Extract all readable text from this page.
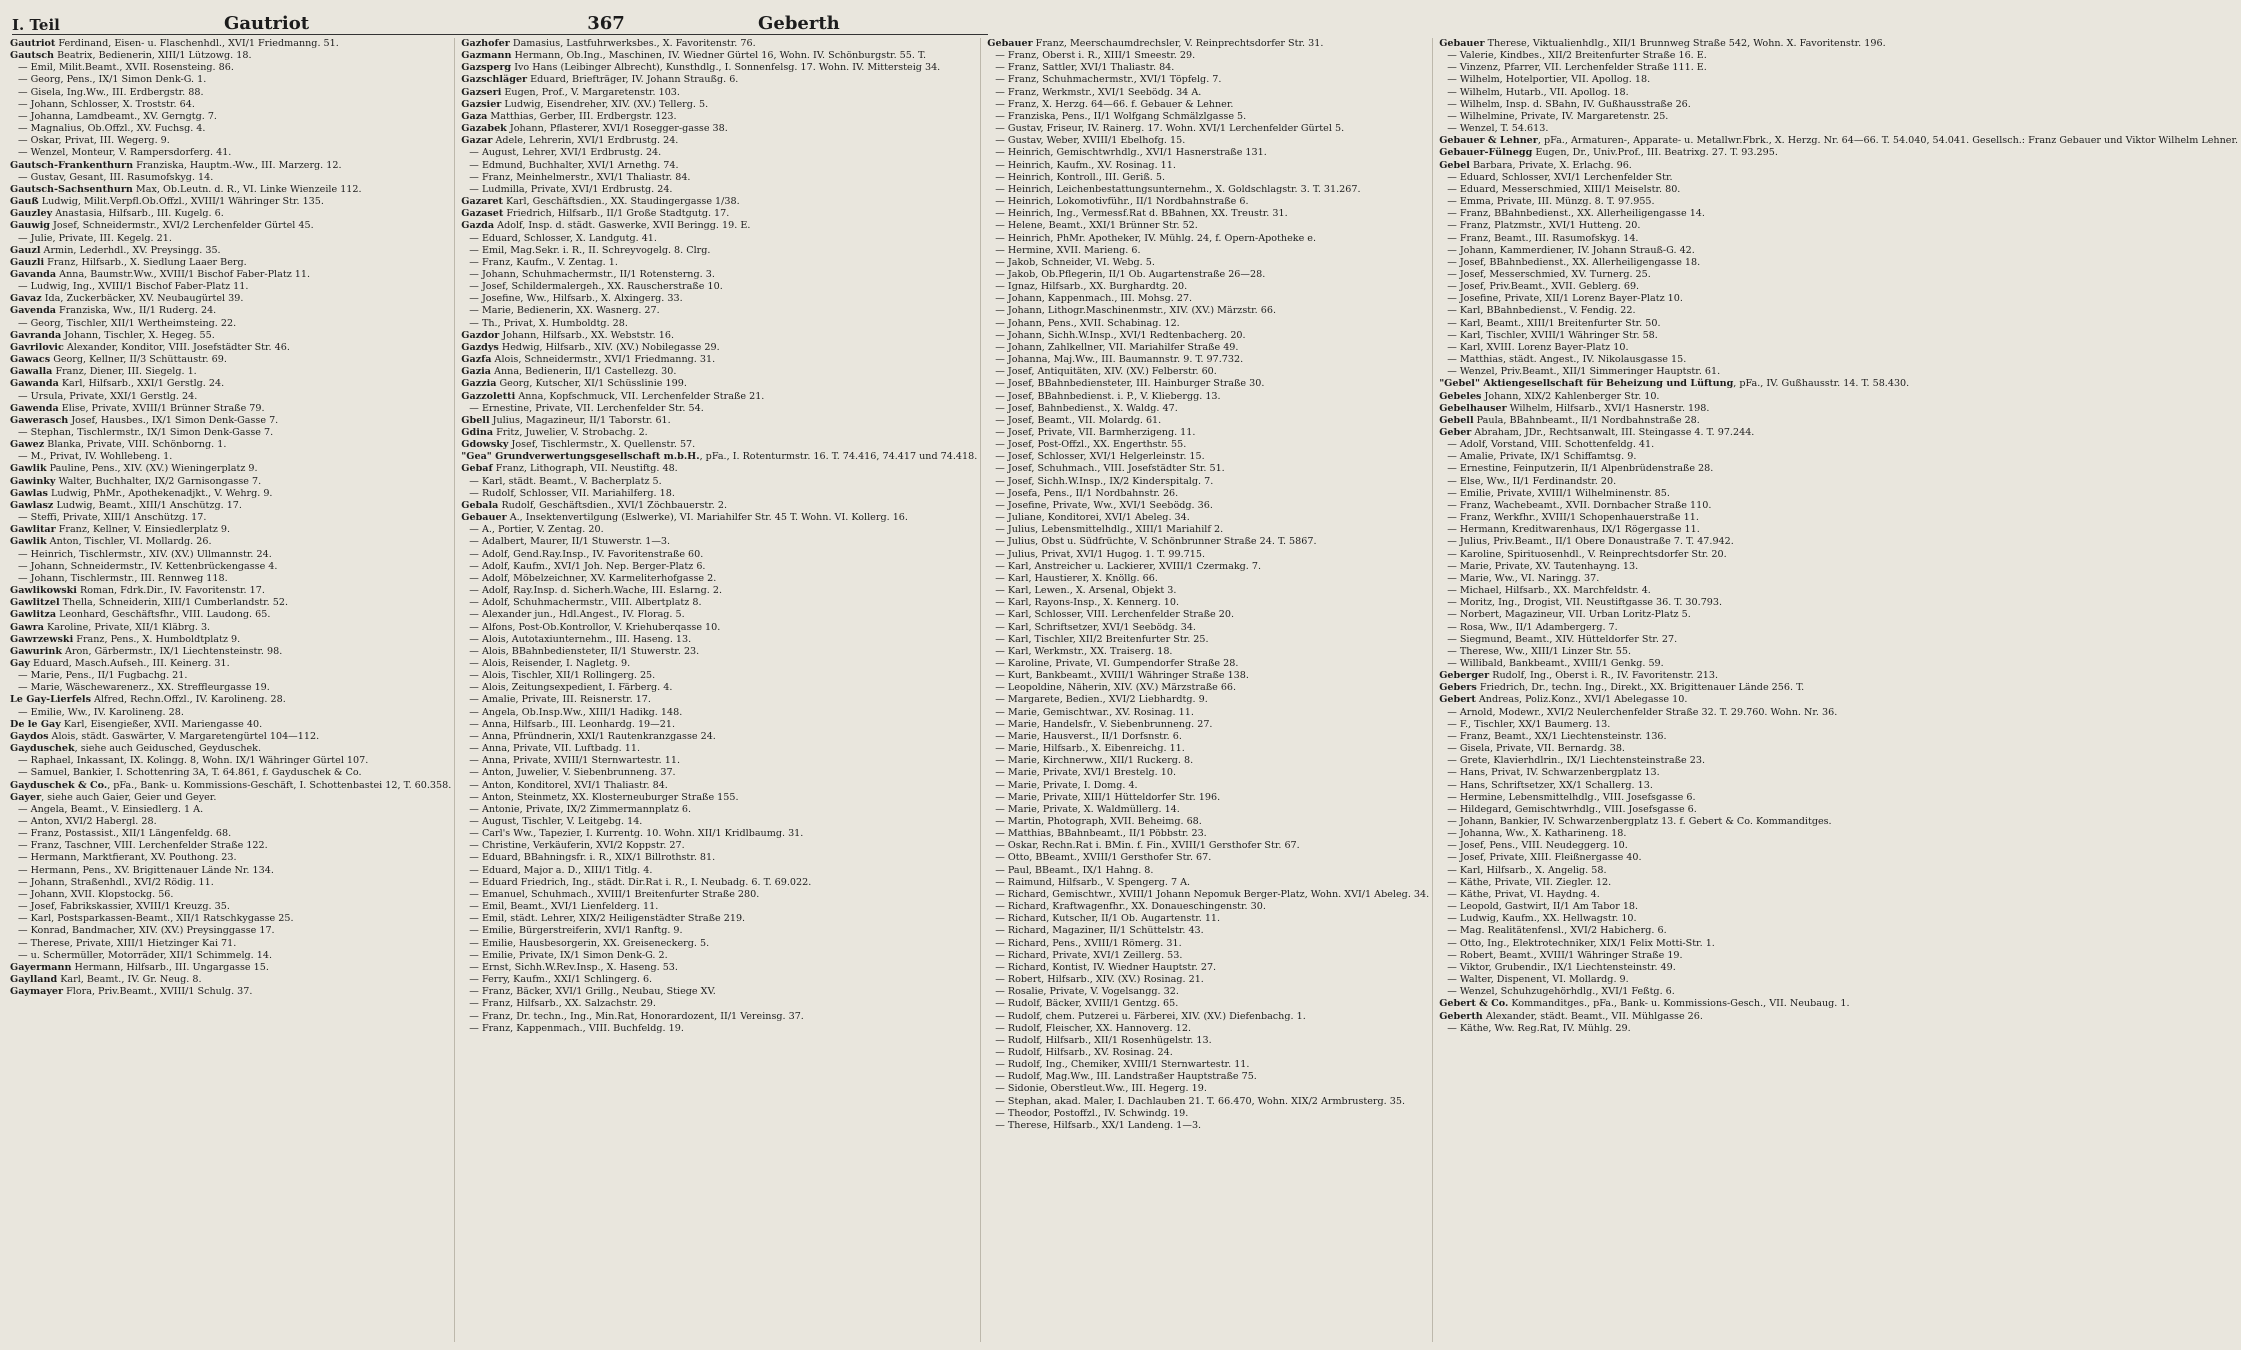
I. Teil	Gautriot	367	Geberth
Gautriot Ferdinand, Eisen- u. Flaschenhdl., XVI/1 Friedmanng. 51.
Gautsch Beatrix, Bedienerin, XIII/1 Lützowg. 18.
— Emil, Milit.Beamt., XVII. Rosensteing. 86.
— Georg, Pens., IX/1 Simon Denk-G. 1.
— Gisela, Ing.Ww., III. Erdbergstr. 88.
— Johann, Schlosser, X. Troststr. 64.
— Johanna, Lamdbeamt., XV. Gerngtg. 7.
— Magnalius, Ob.Offzl., XV. Fuchsg. 4.
— Oskar, Privat, III. Wegerg. 9.
— Wenzel, Monteur, V. Rampersdorferg. 41.
Gautsch-Frankenthurn Franziska, Hauptm.-Ww., III. Marzerg. 12.
— Gustav, Gesant, III. Rasumofskyg. 14.
Gautsch-Sachsenthurn Max, Ob.Leutn. d. R., VI. Linke Wienzeile 112.
Gauß Ludwig, Milit.Verpfl.Ob.Offzl., XVIII/1 Währinger Str. 135.
Gauzley Anastasia, Hilfsarb., III. Kugelg. 6.
Gauwig Josef, Schneidermstr., XVI/2 Lerchenfelder Gürtel 45.
— Julie, Private, III. Kegelg. 21.
Gauzl Armin, Lederhdl., XV. Preysingg. 35.
Gauzli Franz, Hilfsarb., X. Siedlung Laaer Berg.
Gavanda Anna, Baumstr.Ww., XVIII/1 Bischof Faber-Platz 11.
— Ludwig, Ing., XVIII/1 Bischof Faber-Platz 11.
Gavaz Ida, Zuckerbäcker, XV. Neubaugürtel 39.
Gavenda Franziska, Ww., II/1 Ruderg. 24.
— Georg, Tischler, XII/1 Wertheimsteing. 22.
Gavranda Johann, Tischler, X. Hegeg. 55.
Gavrilovic Alexander, Konditor, VIII. Josefstädter Str. 46.
Gawacs Georg, Kellner, II/3 Schüttaustr. 69.
Gawalla Franz, Diener, III. Siegelg. 1.
Gawanda Karl, Hilfsarb., XXI/1 Gerstlg. 24.
— Ursula, Private, XXI/1 Gerstlg. 24.
Gawenda Elise, Private, XVIII/1 Brünner Straße 79.
Gawerasch Josef, Hausbes., IX/1 Simon Denk-Gasse 7.
— Stephan, Tischlermstr., IX/1 Simon Denk-Gasse 7.
Gawez Blanka, Private, VIII. Schönborng. 1.
— M., Privat, IV. Wohllebeng. 1.
Gawlik Pauline, Pens., XIV. (XV.) Wieningerplatz 9.
Gawinky Walter, Buchhalter, IX/2 Garnisongasse 7.
Gawlas Ludwig, PhMr., Apothekenadjkt., V. Wehrg. 9.
Gawlasz Ludwig, Beamt., XIII/1 Anschützg. 17.
— Steffi, Private, XIII/1 Anschützg. 17.
Gawlitar Franz, Kellner, V. Einsiedlerplatz 9.
Gawlik Anton, Tischler, VI. Mollardg. 26.
— Heinrich, Tischlermstr., XIV. (XV.) Ullmannstr. 24.
— Johann, Schneidermstr., IV. Kettenbrückengasse 4.
— Johann, Tischlermstr., III. Rennweg 118.
Gawlikowski Roman, Fdrk.Dir., IV. Favoritenstr. 17.
Gawlitzel Thella, Schneiderin, XIII/1 Cumberlandstr. 52.
Gawlitza Leonhard, Geschäftsfhr., VIII. Laudong. 65.
Gawra Karoline, Private, XII/1 Kläbrg. 3.
Gawrzewski Franz, Pens., X. Humboldtplatz 9.
Gawurink Aron, Gärbermstr., IX/1 Liechtensteinstr. 98.
Gay Eduard, Masch.Aufseh., III. Keinerg. 31.
— Marie, Pens., II/1 Fugbachg. 21.
— Marie, Wäschewarenerz., XX. Streffleurgasse 19.
Le Gay-Lierfels Alfred, Rechn.Offzl., IV. Karolineng. 28.
— Emilie, Ww., IV. Karolineng. 28.
De le Gay Karl, Eisengießer, XVII. Mariengasse 40.
Gaydos Alois, städt. Gaswärter, V. Margaretengürtel 104—112.
Gayduschek, siehe auch Geidusched, Geyduschek.
— Raphael, Inkassant, IX. Kolingg. 8, Wohn. IX/1 Währinger Gürtel 107.
— Samuel, Bankier, I. Schottenring 3A, T. 64.861, f. Gayduschek & Co.
Gayduschek & Co., pFa., Bank- u. Kommissions-Geschäft, I. Schottenbastei 12, T. 60.358.
Gayer, siehe auch Gaier, Geier und Geyer.
— Angela, Beamt., V. Einsiedlerg. 1 A.
— Anton, XVI/2 Habergl. 28.
— Franz, Postassist., XII/1 Längenfeldg. 68.
— Franz, Taschner, VIII. Lerchenfelder Straße 122.
— Hermann, Marktfierant, XV. Pouthong. 23.
— Hermann, Pens., XV. Brigittenauer Lände Nr. 134.
— Johann, Straßenhdl., XVI/2 Rödig. 11.
— Johann, XVII. Klopstockg. 56.
— Josef, Fabrikskassier, XVIII/1 Kreuzg. 35.
— Karl, Postsparkassen-Beamt., XII/1 Ratschkygasse 25.
— Konrad, Bandmacher, XIV. (XV.) Preysinggasse 17.
— Therese, Private, XIII/1 Hietzinger Kai 71.
— u. Schermüller, Motorräder, XII/1 Schimmelg. 14.
Gayermann Hermann, Hilfsarb., III. Ungargasse 15.
Gaylland Karl, Beamt., IV. Gr. Neug. 8.
Gaymayer Flora, Priv.Beamt., XVIII/1 Schulg. 37.
Gazhofer Damasius, Lastfuhrwerksbes., X. Favoritenstr. 76.
Gazmann Hermann, Ob.Ing., Maschinen, IV. Wiedner Gürtel 16, Wohn. IV. Schönburgstr. 55. T.
Gazsperg Ivo Hans (Leibinger Albrecht), Kunsthdlg., I. Sonnenfelsg. 17. Wohn. IV. Mittersteig 34.
Gazschläger Eduard, Briefträger, IV. Johann Straußg. 6.
Gazseri Eugen, Prof., V. Margaretenstr. 103.
Gazsier Ludwig, Eisendreher, XIV. (XV.) Tellerg. 5.
Gaza Matthias, Gerber, III. Erdbergstr. 123.
Gazabek Johann, Pflasterer, XVI/1 Rosegger-gasse 38.
Gazar Adele, Lehrerin, XVI/1 Erdbrustg. 24.
— August, Lehrer, XVI/1 Erdbrustg. 24.
— Edmund, Buchhalter, XVI/1 Arnethg. 74.
— Franz, Meinhelmerstr., XVI/1 Thaliastr. 84.
— Ludmilla, Private, XVI/1 Erdbrustg. 24.
Gazaret Karl, Geschäftsdien., XX. Staudingergasse 1/38.
Gazaset Friedrich, Hilfsarb., II/1 Große Stadtgutg. 17.
Gazda Adolf, Insp. d. städt. Gaswerke, XVII Beringg. 19. E.
— Eduard, Schlosser, X. Landgutg. 41.
— Emil, Mag.Sekr. i. R., II. Schreyvogelg. 8. Clrg.
— Franz, Kaufm., V. Zentag. 1.
— Johann, Schuhmachermstr., II/1 Rotensterng. 3.
— Josef, Schildermalergeh., XX. Rauscherstraße 10.
— Josefine, Ww., Hilfsarb., X. Alxingerg. 33.
— Marie, Bedienerin, XX. Wasnerg. 27.
— Th., Privat, X. Humboldtg. 28.
Gazdor Johann, Hilfsarb., XX. Webststr. 16.
Gazdys Hedwig, Hilfsarb., XIV. (XV.) Nobilegasse 29.
Gazfa Alois, Schneidermstr., XVI/1 Friedmanng. 31.
Gazia Anna, Bedienerin, II/1 Castellezg. 30.
Gazzia Georg, Kutscher, XI/1 Schüsslinie 199.
Gazzoletti Anna, Kopfschmuck, VII. Lerchenfelder Straße 21.
— Ernestine, Private, VII. Lerchenfelder Str. 54.
Gbell Julius, Magazineur, II/1 Taborstr. 61.
Gdina Fritz, Juwelier, V. Strobachg. 2.
Gdowsky Josef, Tischlermstr., X. Quellenstr. 57.
"Gea" Grundverwertungsgesellschaft m.b.H., pFa., I. Rotenturmstr. 16. T. 74.416, 74.417 und 74.418.
Gebaf Franz, Lithograph, VII. Neustiftg. 48.
— Karl, städt. Beamt., V. Bacherplatz 5.
— Rudolf, Schlosser, VII. Mariahilferg. 18.
Gebala Rudolf, Geschäftsdien., XVI/1 Zöchbauerstr. 2.
Gebauer A., Insektenvertilgung (Eslwerke), VI. Mariahilfer Str. 45 T. Wohn. VI. Kollerg. 16.
— A., Portier, V. Zentag. 20.
— Adalbert, Maurer, II/1 Stuwerstr. 1—3.
— Adolf, Gend.Ray.Insp., IV. Favoritenstraße 60.
— Adolf, Kaufm., XVI/1 Joh. Nep. Berger-Platz 6.
— Adolf, Möbelzeichner, XV. Karmeliterhofgasse 2.
— Adolf, Ray.Insp. d. Sicherh.Wache, III. Eslarng. 2.
— Adolf, Schuhmachermstr., VIII. Albertplatz 8.
— Alexander jun., Hdl.Angest., IV. Florag. 5.
— Alfons, Post-Ob.Kontrollor, V. Kriehuberqasse 10.
— Alois, Autotaxiunternehm., III. Haseng. 13.
— Alois, BBahnbediensteter, II/1 Stuwerstr. 23.
— Alois, Reisender, I. Nagletg. 9.
— Alois, Tischler, XII/1 Rollingerg. 25.
— Alois, Zeitungsexpedient, I. Färberg. 4.
— Amalie, Private, III. Reisnerstr. 17.
— Angela, Ob.Insp.Ww., XIII/1 Hadikg. 148.
— Anna, Hilfsarb., III. Leonhardg. 19—21.
— Anna, Pfründnerin, XXI/1 Rautenkranzgasse 24.
— Anna, Private, VII. Luftbadg. 11.
— Anna, Private, XVIII/1 Sternwartestr. 11.
— Anton, Juwelier, V. Siebenbrunneng. 37.
— Anton, Konditorel, XVI/1 Thaliastr. 84.
— Anton, Steinmetz, XX. Klosterneuburger Straße 155.
— Antonie, Private, IX/2 Zimmermannplatz 6.
— August, Tischler, V. Leitgebg. 14.
— Carl's Ww., Tapezier, I. Kurrentg. 10. Wohn. XII/1 Kridlbaumg. 31.
— Christine, Verkäuferin, XVI/2 Koppstr. 27.
— Eduard, BBahningsfr. i. R., XIX/1 Billrothstr. 81.
— Eduard, Major a. D., XIII/1 Titlg. 4.
— Eduard Friedrich, Ing., städt. Dir.Rat i. R., I. Neubadg. 6. T. 69.022.
— Emanuel, Schuhmach., XVIII/1 Breitenfurter Straße 280.
— Emil, Beamt., XVI/1 Lienfelderg. 11.
— Emil, städt. Lehrer, XIX/2 Heiligenstädter Straße 219.
— Emilie, Bürgerstreiferin, XVI/1 Ranftg. 9.
— Emilie, Hausbesorgerin, XX. Greiseneckerg. 5.
— Emilie, Private, IX/1 Simon Denk-G. 2.
— Ernst, Sichh.W.Rev.Insp., X. Haseng. 53.
— Ferry, Kaufm., XXI/1 Schlingerg. 6.
— Franz, Bäcker, XVI/1 Grillg., Neubau, Stiege XV.
— Franz, Hilfsarb., XX. Salzachstr. 29.
— Franz, Dr. techn., Ing., Min.Rat, Honorardozent, II/1 Vereinsg. 37.
— Franz, Kappenmach., VIII. Buchfeldg. 19.
Gebauer Franz, Meerschaumdrechsler, V. Reinprechtsdorfer Str. 31.
— Franz, Oberst i. R., XIII/1 Smeestr. 29.
— Franz, Sattler, XVI/1 Thaliastr. 84.
— Franz, Schuhmachermstr., XVI/1 Töpfelg. 7.
— Franz, Werkmstr., XVI/1 Seebödg. 34 A.
— Franz, X. Herzg. 64—66. f. Gebauer & Lehner.
— Franziska, Pens., II/1 Wolfgang Schmälzlgasse 5.
— Gustav, Friseur, IV. Rainerg. 17. Wohn. XVI/1 Lerchenfelder Gürtel 5.
— Gustav, Weber, XVIII/1 Ebelhofg. 15.
— Heinrich, Gemischtwrhdlg., XVI/1 Hasnerstraße 131.
— Heinrich, Kaufm., XV. Rosinag. 11.
— Heinrich, Kontroll., III. Geriß. 5.
— Heinrich, Leichenbestattungsunternehm., X. Goldschlagstr. 3. T. 31.267.
— Heinrich, Lokomotivführ., II/1 Nordbahnstraße 6.
— Heinrich, Ing., Vermessf.Rat d. BBahnen, XX. Treustr. 31.
— Helene, Beamt., XXI/1 Brünner Str. 52.
— Heinrich, PhMr. Apotheker, IV. Mühlg. 24, f. Opern-Apotheke e.
— Hermine, XVII. Marieng. 6.
— Jakob, Schneider, VI. Webg. 5.
— Jakob, Ob.Pflegerin, II/1 Ob. Augartenstraße 26—28.
— Ignaz, Hilfsarb., XX. Burghardtg. 20.
— Johann, Kappenmach., III. Mohsg. 27.
— Johann, Lithogr.Maschinenmstr., XIV. (XV.) Märzstr. 66.
— Johann, Pens., XVII. Schabinag. 12.
— Johann, Sichh.W.Insp., XVI/1 Redtenbacherg. 20.
— Johann, Zahlkellner, VII. Mariahilfer Straße 49.
— Johanna, Maj.Ww., III. Baumannstr. 9. T. 97.732.
— Josef, Antiquitäten, XIV. (XV.) Felberstr. 60.
— Josef, BBahnbediensteter, III. Hainburger Straße 30.
— Josef, BBahnbedienst. i. P., V. Kliebergg. 13.
— Josef, Bahnbedienst., X. Waldg. 47.
— Josef, Beamt., VII. Molardg. 61.
— Josef, Private, VII. Barmherzigeng. 11.
— Josef, Post-Offzl., XX. Engerthstr. 55.
— Josef, Schlosser, XVI/1 Helgerleinstr. 15.
— Josef, Schuhmach., VIII. Josefstädter Str. 51.
— Josef, Sichh.W.Insp., IX/2 Kinderspitalg. 7.
— Josefa, Pens., II/1 Nordbahnstr. 26.
— Josefine, Private, Ww., XVI/1 Seebödg. 36.
— Juliane, Konditorei, XVI/1 Abeleg. 34.
— Julius, Lebensmittelhdlg., XIII/1 Mariahilf 2.
— Julius, Obst u. Südfrüchte, V. Schönbrunner Straße 24. T. 5867.
— Julius, Privat, XVI/1 Hugog. 1. T. 99.715.
— Karl, Anstreicher u. Lackierer, XVIII/1 Czermakg. 7.
— Karl, Haustierer, X. Knöllg. 66.
— Karl, Lewen., X. Arsenal, Objekt 3.
— Karl, Rayons-Insp., X. Kennerg. 10.
— Karl, Schlosser, VIII. Lerchenfelder Straße 20.
— Karl, Schriftsetzer, XVI/1 Seebödg. 34.
— Karl, Tischler, XII/2 Breitenfurter Str. 25.
— Karl, Werkmstr., XX. Traiserg. 18.
— Karoline, Private, VI. Gumpendorfer Straße 28.
— Kurt, Bankbeamt., XVIII/1 Währinger Straße 138.
— Leopoldine, Näherin, XIV. (XV.) Märzstraße 66.
— Margarete, Bedien., XVI/2 Liebhardtg. 9.
— Marie, Gemischtwar., XV. Rosinag. 11.
— Marie, Handelsfr., V. Siebenbrunneng. 27.
— Marie, Hausverst., II/1 Dorfsnstr. 6.
— Marie, Hilfsarb., X. Eibenreichg. 11.
— Marie, Kirchnerww., XII/1 Ruckerg. 8.
— Marie, Private, XVI/1 Brestelg. 10.
— Marie, Private, I. Domg. 4.
— Marie, Private, XIII/1 Hütteldorfer Str. 196.
— Marie, Private, X. Waldmüllerg. 14.
— Martin, Photograph, XVII. Beheimg. 68.
— Matthias, BBahnbeamt., II/1 Pöbbstr. 23.
— Oskar, Rechn.Rat i. BMin. f. Fin., XVIII/1 Gersthofer Str. 67.
— Otto, BBeamt., XVIII/1 Gersthofer Str. 67.
— Paul, BBeamt., IX/1 Hahng. 8.
— Raimund, Hilfsarb., V. Spengerg. 7 A.
— Richard, Gemischtwr., XVIII/1 Johann Nepomuk Berger-Platz, Wohn. XVI/1 Abeleg. 34.
— Richard, Kraftwagenfhr., XX. Donaueschingenstr. 30.
— Richard, Kutscher, II/1 Ob. Augartenstr. 11.
— Richard, Magaziner, II/1 Schüttelstr. 43.
— Richard, Pens., XVIII/1 Römerg. 31.
— Richard, Private, XVI/1 Zeillerg. 53.
— Richard, Kontist, IV. Wiedner Hauptstr. 27.
— Robert, Hilfsarb., XIV. (XV.) Rosinag. 21.
— Rosalie, Private, V. Vogelsangg. 32.
— Rudolf, Bäcker, XVIII/1 Gentzg. 65.
— Rudolf, chem. Putzerei u. Färberei, XIV. (XV.) Diefenbachg. 1.
— Rudolf, Fleischer, XX. Hannoverg. 12.
— Rudolf, Hilfsarb., XII/1 Rosenhügelstr. 13.
— Rudolf, Hilfsarb., XV. Rosinag. 24.
— Rudolf, Ing., Chemiker, XVIII/1 Sternwartestr. 11.
— Rudolf, Mag.Ww., III. Landstraßer Hauptstraße 75.
— Sidonie, Oberstleut.Ww., III. Hegerg. 19.
— Stephan, akad. Maler, I. Dachlauben 21. T. 66.470, Wohn. XIX/2 Armbrusterg. 35.
— Theodor, Postoffzl., IV. Schwindg. 19.
— Therese, Hilfsarb., XX/1 Landeng. 1—3.
Gebauer Therese, Viktualienhdlg., XII/1 Brunnweg Straße 542, Wohn. X. Favoritenstr. 196.
— Valerie, Kindbes., XII/2 Breitenfurter Straße 16. E.
— Vinzenz, Pfarrer, VII. Lerchenfelder Straße 111. E.
— Wilhelm, Hotelportier, VII. Apollog. 18.
— Wilhelm, Hutarb., VII. Apollog. 18.
— Wilhelm, Insp. d. SBahn, IV. Gußhausstraße 26.
— Wilhelmine, Private, IV. Margaretenstr. 25.
— Wenzel, T. 54.613.
Gebauer & Lehner, pFa., Armaturen-, Apparate- u. Metallwr.Fbrk., X. Herzg. Nr. 64—66. T. 54.040, 54.041. Gesellsch.: Franz Gebauer und Viktor Wilhelm Lehner.
Gebauer-Fülnegg Eugen, Dr., Univ.Prof., III. Beatrixg. 27. T. 93.295.
Gebel Barbara, Private, X. Erlachg. 96.
— Eduard, Schlosser, XVI/1 Lerchenfelder Str.
— Eduard, Messerschmied, XIII/1 Meiselstr. 80.
— Emma, Private, III. Münzg. 8. T. 97.955.
— Franz, BBahnbedienst., XX. Allerheiligengasse 14.
— Franz, Platzmstr., XVI/1 Hutteng. 20.
— Franz, Beamt., III. Rasumofskyg. 14.
— Johann, Kammerdiener, IV. Johann Strauß-G. 42.
— Josef, BBahnbedienst., XX. Allerheiligengasse 18.
— Josef, Messerschmied, XV. Turnerg. 25.
— Josef, Priv.Beamt., XVII. Geblerg. 69.
— Josefine, Private, XII/1 Lorenz Bayer-Platz 10.
— Karl, BBahnbedienst., V. Fendig. 22.
— Karl, Beamt., XIII/1 Breitenfurter Str. 50.
— Karl, Tischler, XVIII/1 Währinger Str. 58.
— Karl, XVIII. Lorenz Bayer-Platz 10.
— Matthias, städt. Angest., IV. Nikolausgasse 15.
— Wenzel, Priv.Beamt., XII/1 Simmeringer Hauptstr. 61.
"Gebel" Aktiengesellschaft für Beheizung und Lüftung, pFa., IV. Gußhausstr. 14. T. 58.430.
Gebeles Johann, XIX/2 Kahlenberger Str. 10.
Gebelhauser Wilhelm, Hilfsarb., XVI/1 Hasnerstr. 198.
Gebell Paula, BBahnbeamt., II/1 Nordbahnstraße 28.
Geber Abraham, JDr., Rechtsanwalt, III. Steingasse 4. T. 97.244.
— Adolf, Vorstand, VIII. Schottenfeldg. 41.
— Amalie, Private, IX/1 Schiffamtsg. 9.
— Ernestine, Feinputzerin, II/1 Alpenbrüdenstraße 28.
— Else, Ww., II/1 Ferdinandstr. 20.
— Emilie, Private, XVIII/1 Wilhelminenstr. 85.
— Franz, Wachebeamt., XVII. Dornbacher Straße 110.
— Franz, Werkfhr., XVIII/1 Schopenhauerstraße 11.
— Hermann, Kreditwarenhaus, IX/1 Rögergasse 11.
— Julius, Priv.Beamt., II/1 Obere Donaustraße 7. T. 47.942.
— Karoline, Spirituosenhdl., V. Reinprechtsdorfer Str. 20.
— Marie, Private, XV. Tautenhayng. 13.
— Marie, Ww., VI. Naringg. 37.
— Michael, Hilfsarb., XX. Marchfeldstr. 4.
— Moritz, Ing., Drogist, VII. Neustiftgasse 36. T. 30.793.
— Norbert, Magazineur, VII. Urban Loritz-Platz 5.
— Rosa, Ww., II/1 Adambergerg. 7.
— Siegmund, Beamt., XIV. Hütteldorfer Str. 27.
— Therese, Ww., XIII/1 Linzer Str. 55.
— Willibald, Bankbeamt., XVIII/1 Genkg. 59.
Geberger Rudolf, Ing., Oberst i. R., IV. Favoritenstr. 213.
Gebers Friedrich, Dr., techn. Ing., Direkt., XX. Brigittenauer Lände 256. T.
Gebert Andreas, Poliz.Konz., XVI/1 Abelegasse 10.
— Arnold, Modewr., XVI/2 Neulerchenfelder Straße 32. T. 29.760. Wohn. Nr. 36.
— F., Tischler, XX/1 Baumerg. 13.
— Franz, Beamt., XX/1 Liechtensteinstr. 136.
— Gisela, Private, VII. Bernardg. 38.
— Grete, Klavierhdlrin., IX/1 Liechtensteinstraße 23.
— Hans, Privat, IV. Schwarzenbergplatz 13.
— Hans, Schriftsetzer, XX/1 Schallerg. 13.
— Hermine, Lebensmittelhdlg., VIII. Josefsgasse 6.
— Hildegard, Gemischtwrhdlg., VIII. Josefsgasse 6.
— Johann, Bankier, IV. Schwarzenbergplatz 13. f. Gebert & Co. Kommanditges.
— Johanna, Ww., X. Katharineng. 18.
— Josef, Pens., VIII. Neudeggerg. 10.
— Josef, Private, XIII. Fleißnergasse 40.
— Karl, Hilfsarb., X. Angelig. 58.
— Käthe, Private, VII. Ziegler. 12.
— Käthe, Privat, VI. Haydng. 4.
— Leopold, Gastwirt, II/1 Am Tabor 18.
— Ludwig, Kaufm., XX. Hellwagstr. 10.
— Mag. Realitätenfensl., XVI/2 Habicherg. 6.
— Otto, Ing., Elektrotechniker, XIX/1 Felix Motti-Str. 1.
— Robert, Beamt., XVIII/1 Währinger Straße 19.
— Viktor, Grubendir., IX/1 Liechtensteinstr. 49.
— Walter, Dispenent, VI. Mollardg. 9.
— Wenzel, Schuhzugehörhdlg., XVI/1 Feßtg. 6.
Gebert & Co. Kommanditges., pFa., Bank- u. Kommissions-Gesch., VII. Neubaug. 1.
Geberth Alexander, städt. Beamt., VII. Mühlgasse 26.
— Käthe, Ww. Reg.Rat, IV. Mühlg. 29.
